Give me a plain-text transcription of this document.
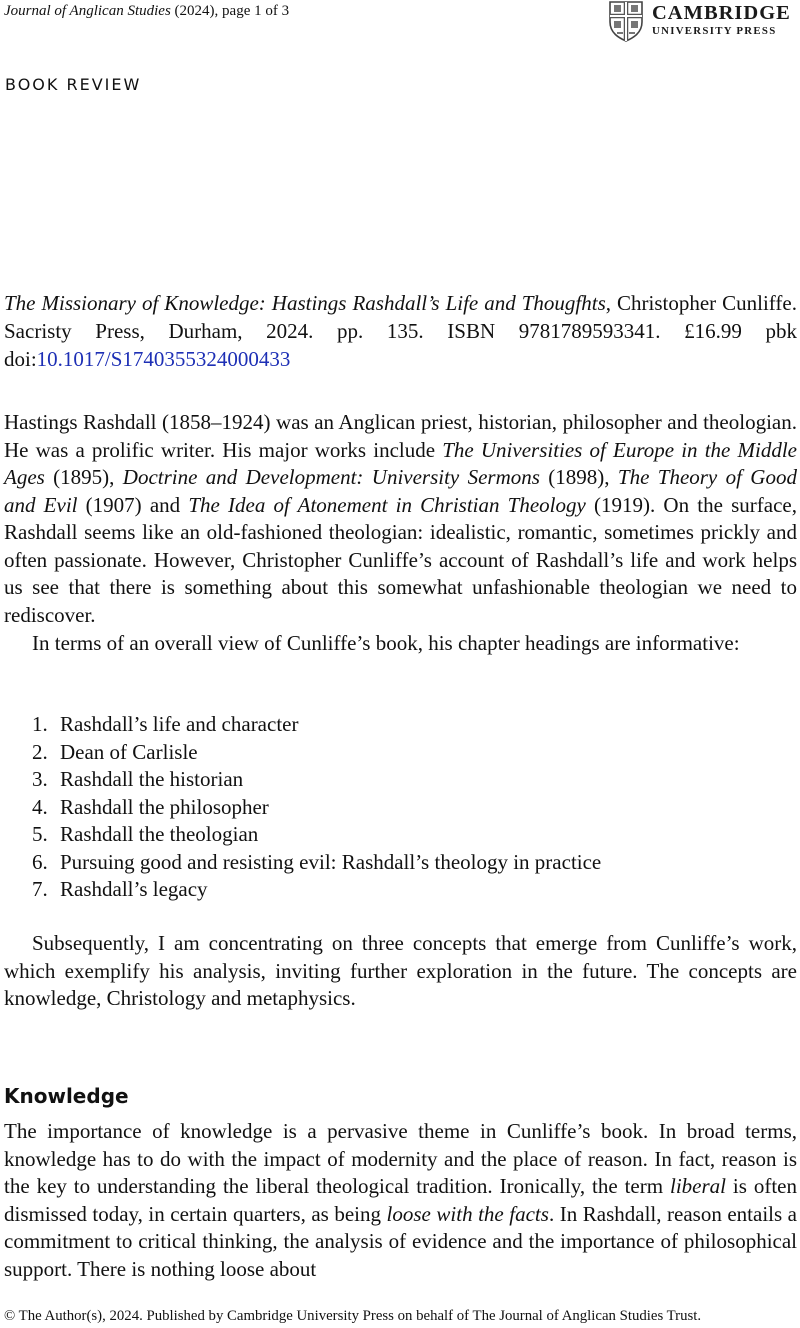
Journal of Anglican Studies (2024), page 1 of 3	CAMBRIDGE
UNIVERSITY PRESS
BOOK REVIEW
The Missionary of Knowledge: Hastings Rashdall’s Life and Thougfhts, Christopher Cunliffe. Sacristy Press, Durham, 2024. pp. 135. ISBN 9781789593341. £16.99 pbk doi:10.1017/S1740355324000433

Hastings Rashdall (1858–1924) was an Anglican priest, historian, philosopher and theologian. He was a prolific writer. His major works include The Universities of Europe in the Middle Ages (1895), Doctrine and Development: University Sermons (1898), The Theory of Good and Evil (1907) and The Idea of Atonement in Christian Theology (1919). On the surface, Rashdall seems like an old-fashioned theologian: idealistic, romantic, sometimes prickly and often passionate. However, Christopher Cunliffe’s account of Rashdall’s life and work helps us see that there is something about this somewhat unfashionable theologian we need to rediscover.

In terms of an overall view of Cunliffe’s book, his chapter headings are informative:

1. Rashdall’s life and character
2. Dean of Carlisle
3. Rashdall the historian
4. Rashdall the philosopher
5. Rashdall the theologian
6. Pursuing good and resisting evil: Rashdall’s theology in practice
7. Rashdall’s legacy

Subsequently, I am concentrating on three concepts that emerge from Cunliffe’s work, which exemplify his analysis, inviting further exploration in the future. The concepts are knowledge, Christology and metaphysics.

Knowledge

The importance of knowledge is a pervasive theme in Cunliffe’s book. In broad terms, knowledge has to do with the impact of modernity and the place of reason. In fact, reason is the key to understanding the liberal theological tradition. Ironically, the term liberal is often dismissed today, in certain quarters, as being loose with the facts. In Rashdall, reason entails a commitment to critical thinking, the analysis of evidence and the importance of philosophical support. There is nothing loose about

© The Author(s), 2024. Published by Cambridge University Press on behalf of The Journal of Anglican Studies Trust.
